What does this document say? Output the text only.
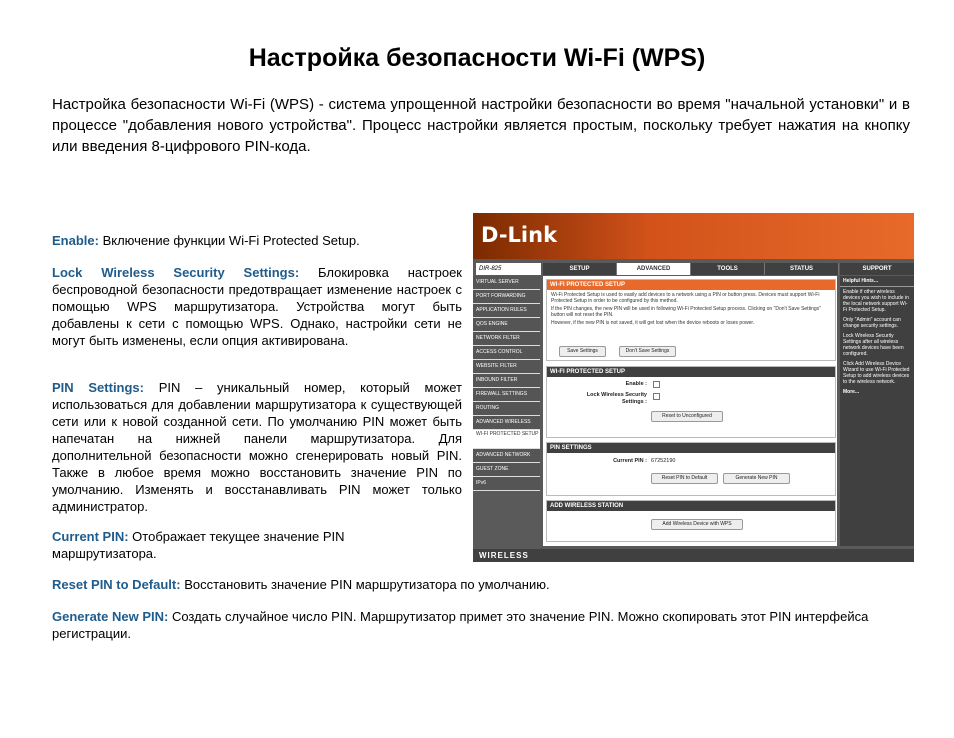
Настройка безопасности Wi-Fi (WPS)
Настройка безопасности Wi-Fi (WPS) - система упрощенной настройки безопасности во время "начальной установки" и в процессе "добавления нового устройства". Процесс настройки является простым, поскольку требует нажатия на кнопку или введения 8-цифрового PIN-кода.
Enable: Включение функции Wi-Fi Protected Setup.
Lock Wireless Security Settings: Блокировка настроек беспроводной безопасности предотвращает изменение настроек с помощью WPS маршрутизатора. Устройства могут быть добавлены к сети с помощью WPS. Однако, настройки сети не могут быть изменены, если опция активирована.
PIN Settings: PIN – уникальный номер, который может использоваться для добавлении маршрутизатора к существующей сети или к новой созданной сети. По умолчанию PIN может быть напечатан на нижней панели маршрутизатора. Для дополнительной безопасности можно сгенерировать новый PIN. Также в любое время можно восстановить значение PIN по умолчанию. Изменять и восстанавливать PIN может только администратор.
Current PIN: Отображает текущее значение PIN маршрутизатора.
Reset PIN to Default: Восстановить значение PIN маршрутизатора по умолчанию.
Generate New PIN: Создать случайное число PIN. Маршрутизатор примет это значение PIN. Можно скопировать этот PIN интерфейса регистрации.
D-Link
DIR-825	SETUP	ADVANCED	TOOLS	STATUS	SUPPORT
VIRTUAL SERVER
PORT FORWARDING
APPLICATION RULES
QOS ENGINE
NETWORK FILTER
ACCESS CONTROL
WEBSITE FILTER
INBOUND FILTER
FIREWALL SETTINGS
ROUTING
ADVANCED WIRELESS
WI-FI PROTECTED SETUP
ADVANCED NETWORK
GUEST ZONE
IPv6
WI-FI PROTECTED SETUP
Wi-Fi Protected Setup is used to easily add devices to a network using a PIN or button press. Devices must support Wi-Fi Protected Setup in order to be configured by this method.
If the PIN changes, the new PIN will be used in following Wi-Fi Protected Setup process. Clicking on "Don't Save Settings" button will not reset the PIN.
However, if the new PIN is not saved, it will get lost when the device reboots or loses power.
Save Settings	Don't Save Settings
WI-FI PROTECTED SETUP
Enable :
Lock Wireless Security Settings :
Reset to Unconfigured
PIN SETTINGS
Current PIN : 67252190
Reset PIN to Default	Generate New PIN
ADD WIRELESS STATION
Add Wireless Device with WPS
Helpful Hints...
Enable if other wireless devices you wish to include in the local network support Wi-Fi Protected Setup.
Only "Admin" account can change security settings.
Lock Wireless Security Settings after all wireless network devices have been configured.
Click Add Wireless Device Wizard to use Wi-Fi Protected Setup to add wireless devices to the wireless network.
More...
WIRELESS
